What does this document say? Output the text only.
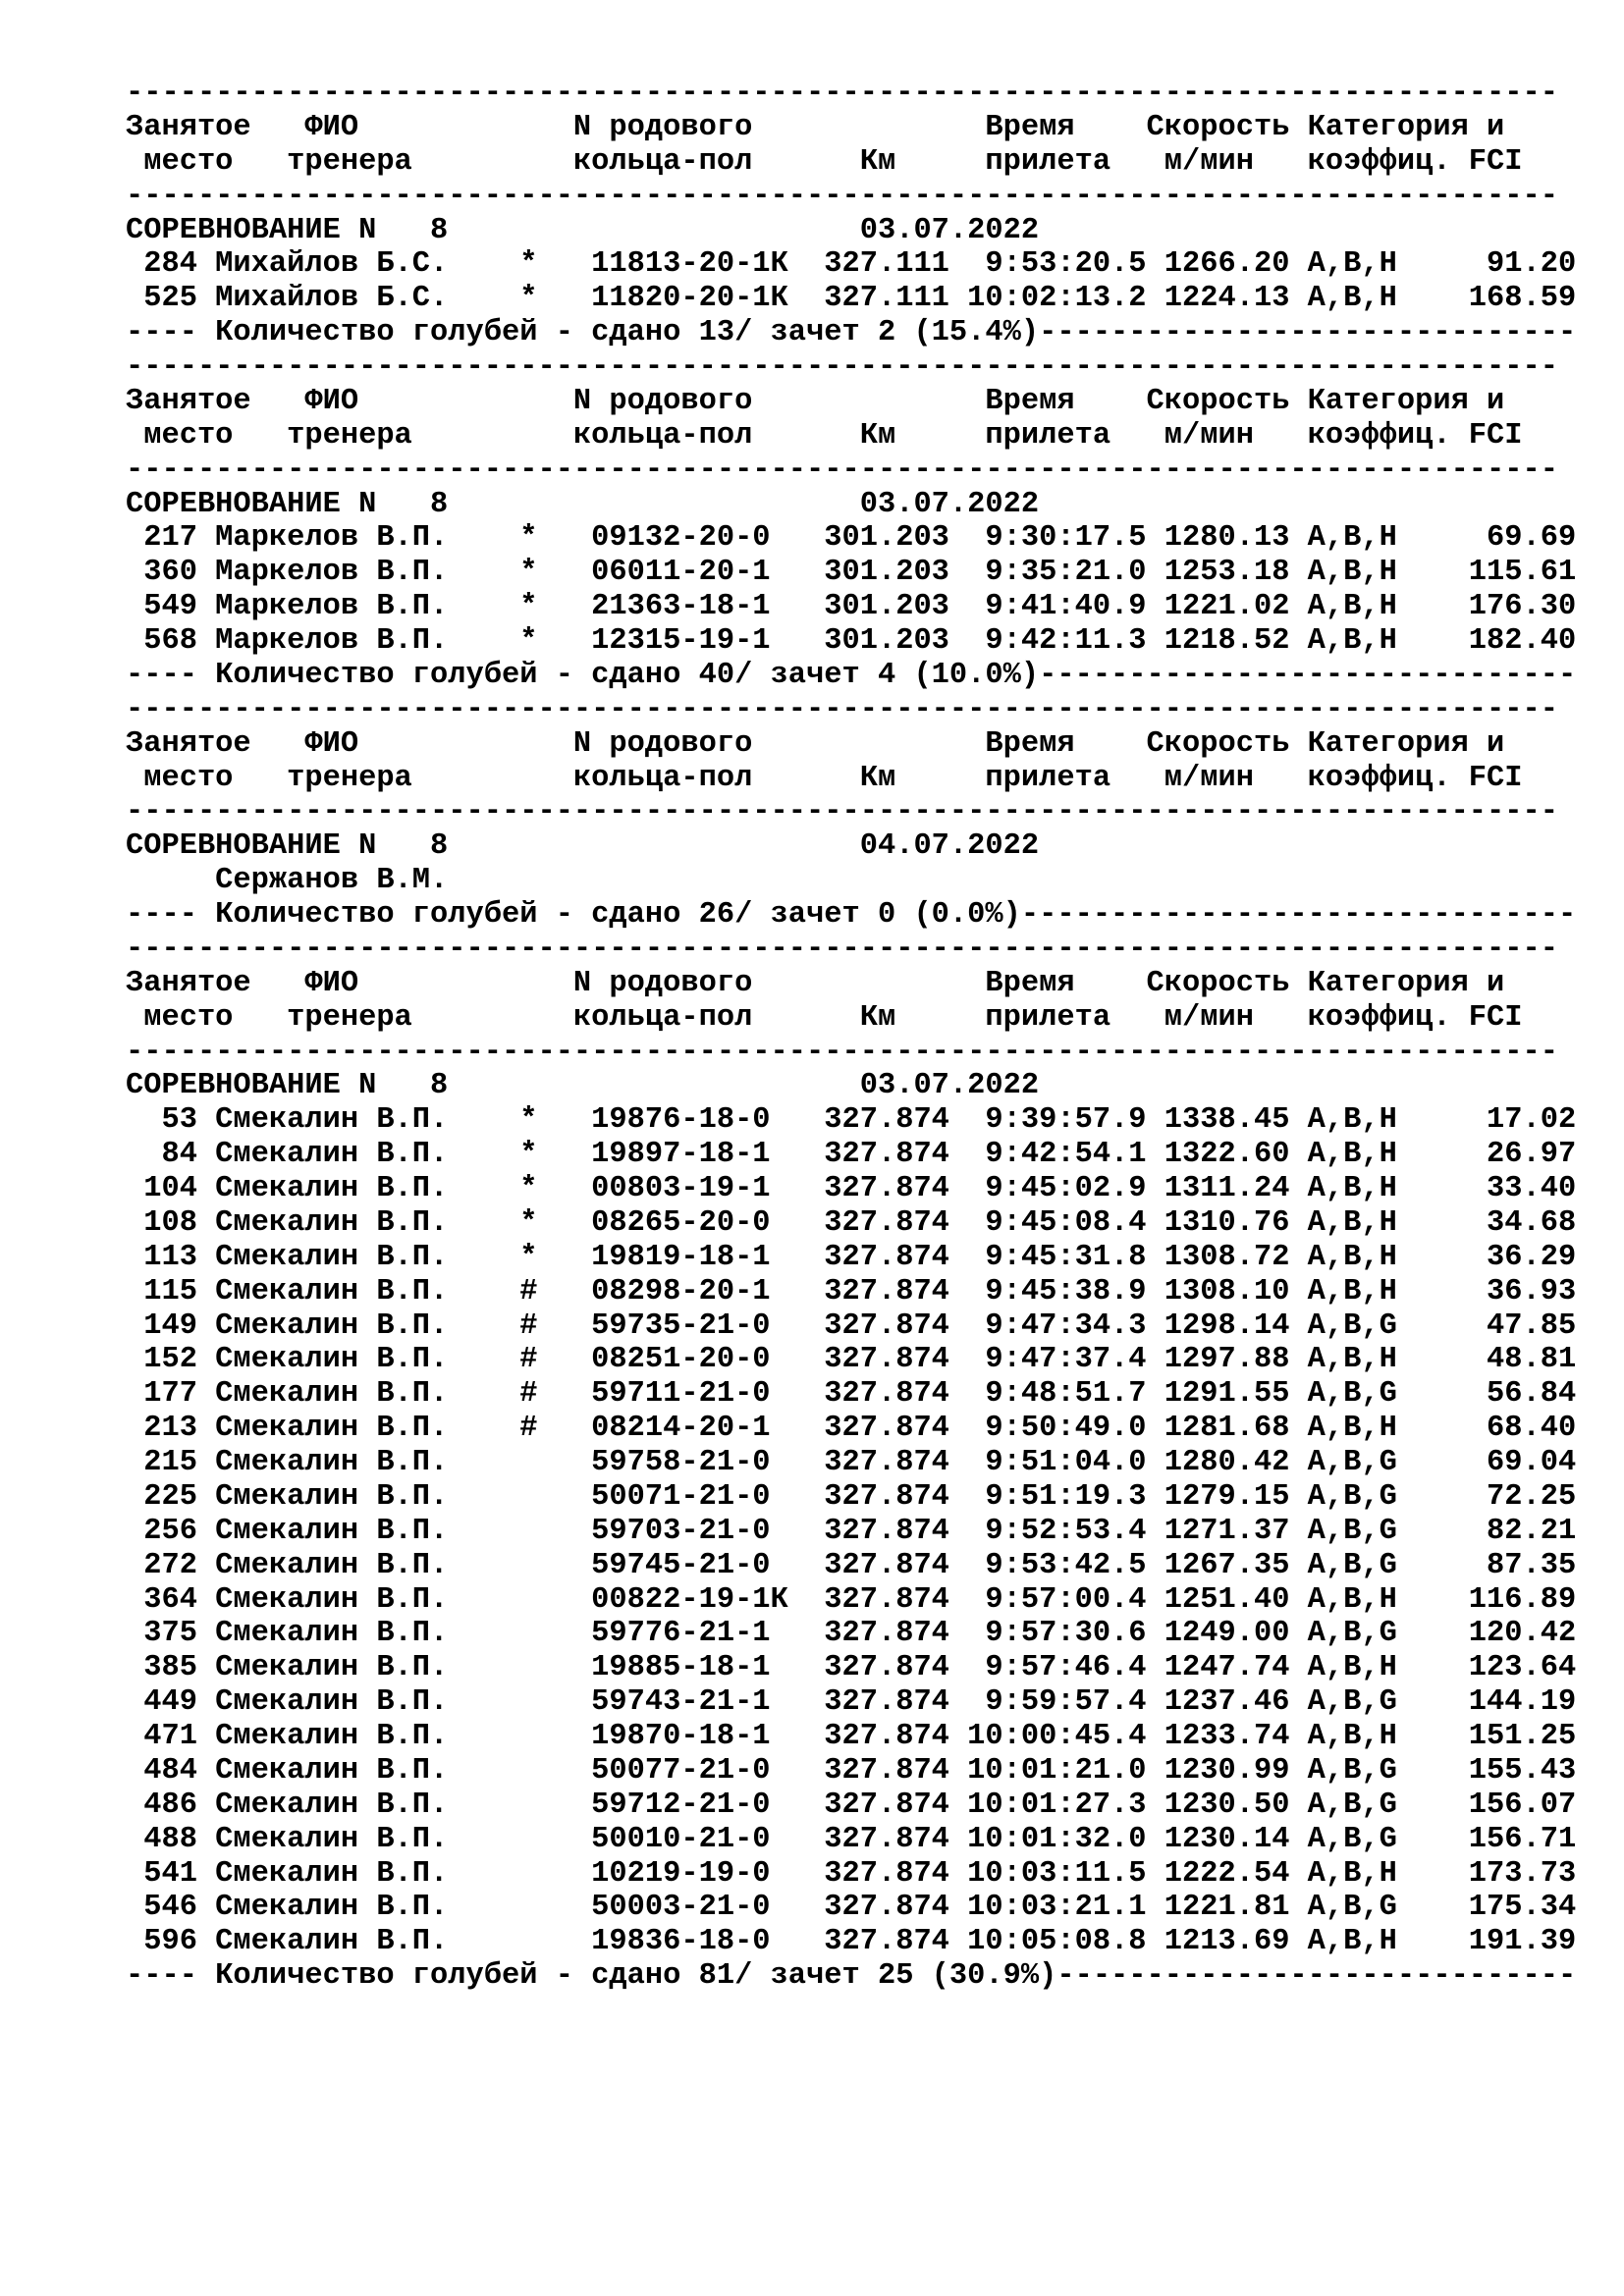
--------------------------------------------------------------------------------
Занятое   ФИО            N родового             Время    Скорость Категория и
место   тренера         кольца-пол      Км     прилета   м/мин   коэффиц. FCI
--------------------------------------------------------------------------------
СОРЕВНОВАНИЕ N   8                       03.07.2022
284 Михайлов Б.С.    *   11813-20-1К  327.111  9:53:20.5 1266.20 A,B,H     91.20
525 Михайлов Б.С.    *   11820-20-1К  327.111 10:02:13.2 1224.13 A,B,H    168.59
---- Количество голубей - сдано 13/ зачет 2 (15.4%)------------------------------
--------------------------------------------------------------------------------
Занятое   ФИО            N родового             Время    Скорость Категория и
место   тренера         кольца-пол      Км     прилета   м/мин   коэффиц. FCI
--------------------------------------------------------------------------------
СОРЕВНОВАНИЕ N   8                       03.07.2022
217 Маркелов В.П.    *   09132-20-0   301.203  9:30:17.5 1280.13 A,B,H     69.69
360 Маркелов В.П.    *   06011-20-1   301.203  9:35:21.0 1253.18 A,B,H    115.61
549 Маркелов В.П.    *   21363-18-1   301.203  9:41:40.9 1221.02 A,B,H    176.30
568 Маркелов В.П.    *   12315-19-1   301.203  9:42:11.3 1218.52 A,B,H    182.40
---- Количество голубей - сдано 40/ зачет 4 (10.0%)------------------------------
--------------------------------------------------------------------------------
Занятое   ФИО            N родового             Время    Скорость Категория и
место   тренера         кольца-пол      Км     прилета   м/мин   коэффиц. FCI
--------------------------------------------------------------------------------
СОРЕВНОВАНИЕ N   8                       04.07.2022
Сержанов В.М.
---- Количество голубей - сдано 26/ зачет 0 (0.0%)-------------------------------
--------------------------------------------------------------------------------
Занятое   ФИО            N родового             Время    Скорость Категория и
место   тренера         кольца-пол      Км     прилета   м/мин   коэффиц. FCI
--------------------------------------------------------------------------------
СОРЕВНОВАНИЕ N   8                       03.07.2022
53 Смекалин В.П.    *   19876-18-0   327.874  9:39:57.9 1338.45 A,B,H     17.02
84 Смекалин В.П.    *   19897-18-1   327.874  9:42:54.1 1322.60 A,B,H     26.97
104 Смекалин В.П.    *   00803-19-1   327.874  9:45:02.9 1311.24 A,B,H     33.40
108 Смекалин В.П.    *   08265-20-0   327.874  9:45:08.4 1310.76 A,B,H     34.68
113 Смекалин В.П.    *   19819-18-1   327.874  9:45:31.8 1308.72 A,B,H     36.29
115 Смекалин В.П.    #   08298-20-1   327.874  9:45:38.9 1308.10 A,B,H     36.93
149 Смекалин В.П.    #   59735-21-0   327.874  9:47:34.3 1298.14 A,B,G     47.85
152 Смекалин В.П.    #   08251-20-0   327.874  9:47:37.4 1297.88 A,B,H     48.81
177 Смекалин В.П.    #   59711-21-0   327.874  9:48:51.7 1291.55 A,B,G     56.84
213 Смекалин В.П.    #   08214-20-1   327.874  9:50:49.0 1281.68 A,B,H     68.40
215 Смекалин В.П.        59758-21-0   327.874  9:51:04.0 1280.42 A,B,G     69.04
225 Смекалин В.П.        50071-21-0   327.874  9:51:19.3 1279.15 A,B,G     72.25
256 Смекалин В.П.        59703-21-0   327.874  9:52:53.4 1271.37 A,B,G     82.21
272 Смекалин В.П.        59745-21-0   327.874  9:53:42.5 1267.35 A,B,G     87.35
364 Смекалин В.П.        00822-19-1К  327.874  9:57:00.4 1251.40 A,B,H    116.89
375 Смекалин В.П.        59776-21-1   327.874  9:57:30.6 1249.00 A,B,G    120.42
385 Смекалин В.П.        19885-18-1   327.874  9:57:46.4 1247.74 A,B,H    123.64
449 Смекалин В.П.        59743-21-1   327.874  9:59:57.4 1237.46 A,B,G    144.19
471 Смекалин В.П.        19870-18-1   327.874 10:00:45.4 1233.74 A,B,H    151.25
484 Смекалин В.П.        50077-21-0   327.874 10:01:21.0 1230.99 A,B,G    155.43
486 Смекалин В.П.        59712-21-0   327.874 10:01:27.3 1230.50 A,B,G    156.07
488 Смекалин В.П.        50010-21-0   327.874 10:01:32.0 1230.14 A,B,G    156.71
541 Смекалин В.П.        10219-19-0   327.874 10:03:11.5 1222.54 A,B,H    173.73
546 Смекалин В.П.        50003-21-0   327.874 10:03:21.1 1221.81 A,B,G    175.34
596 Смекалин В.П.        19836-18-0   327.874 10:05:08.8 1213.69 A,B,H    191.39
---- Количество голубей - сдано 81/ зачет 25 (30.9%)-----------------------------
